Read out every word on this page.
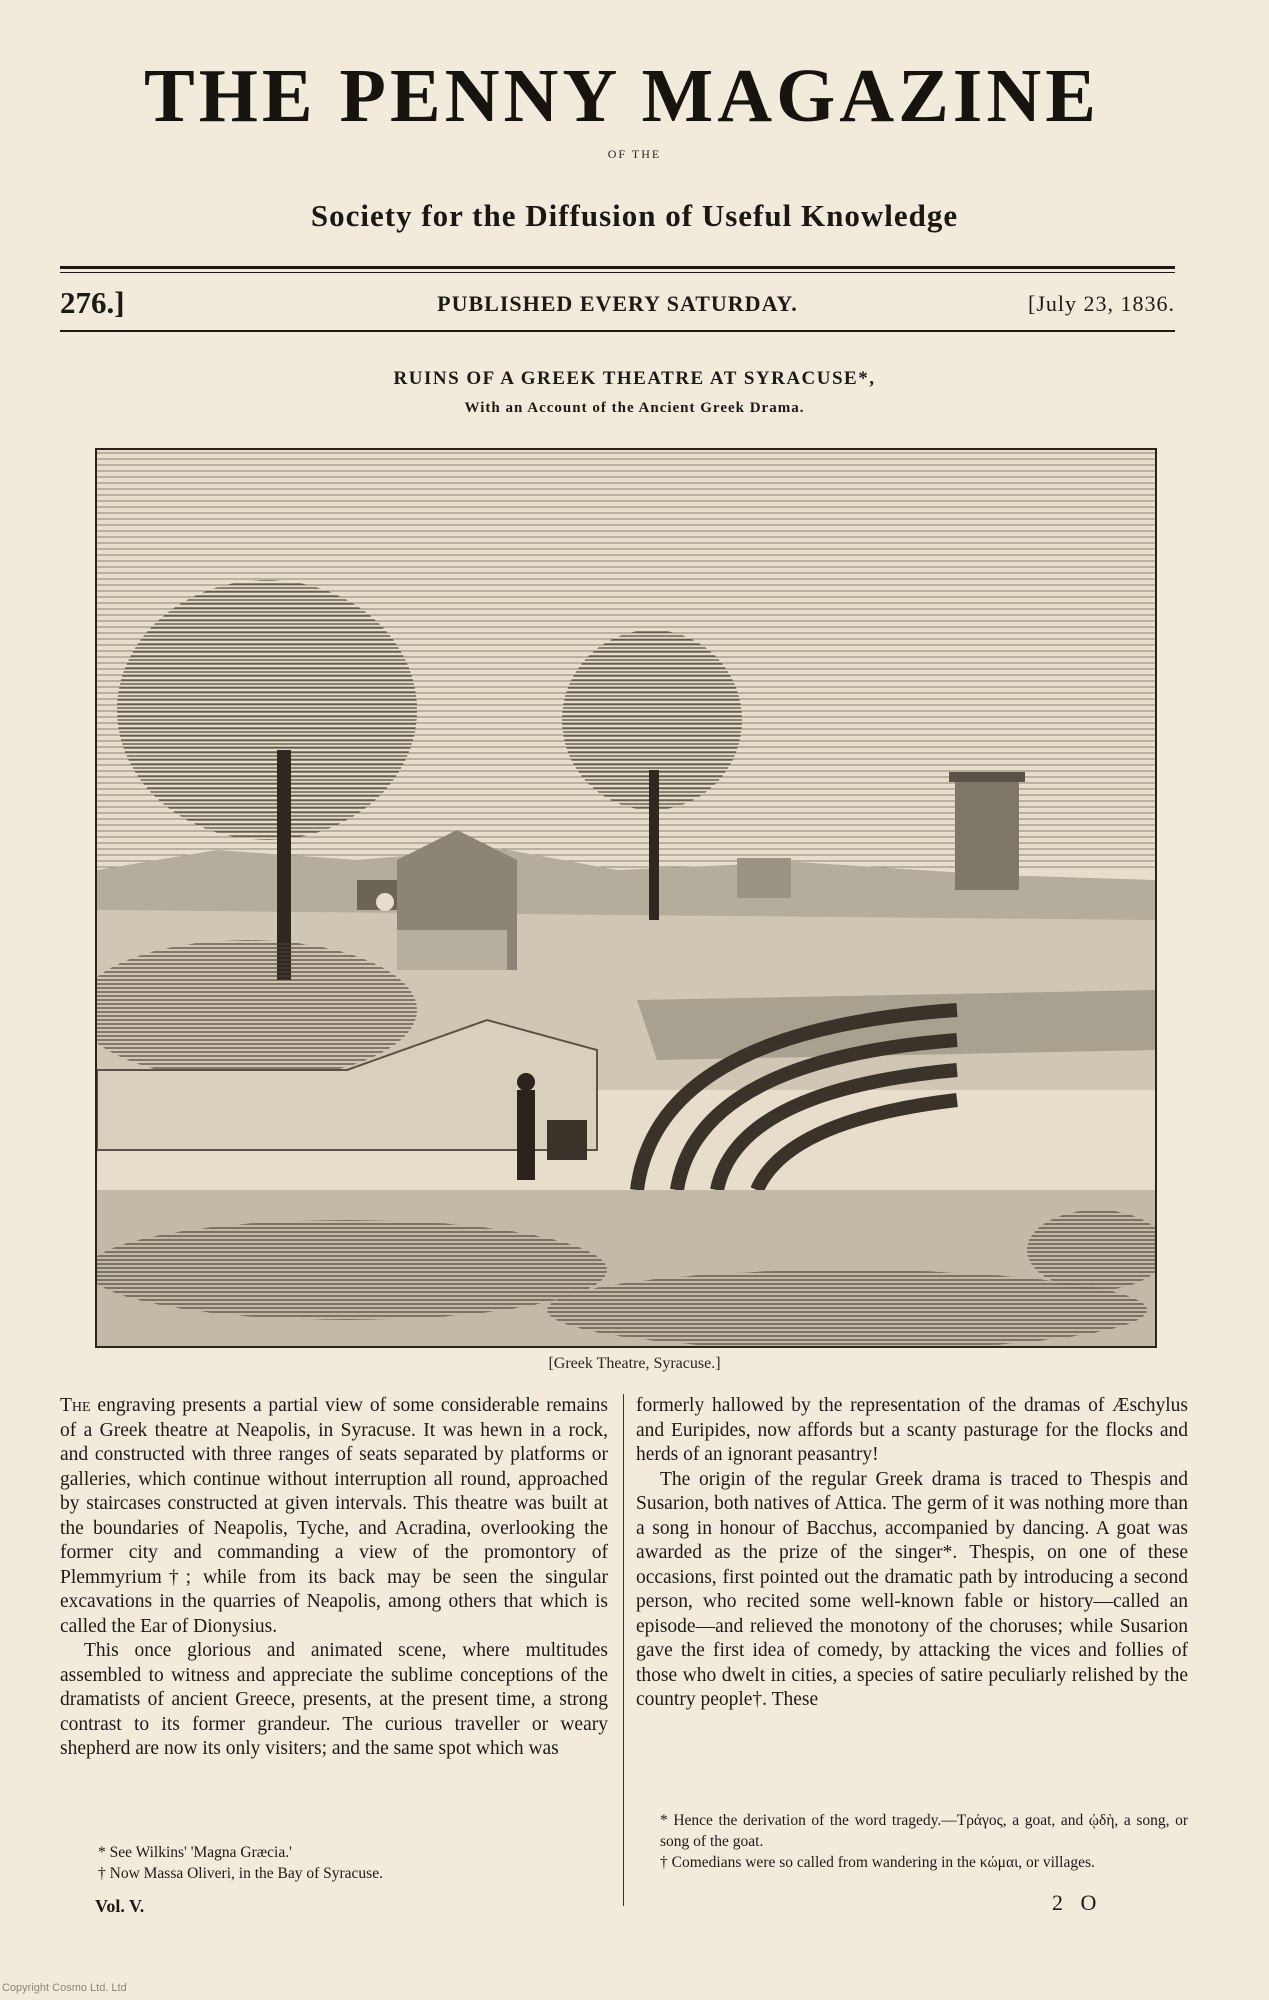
THE PENNY MAGAZINE
OF THE
Society for the Diffusion of Useful Knowledge
276.]	PUBLISHED EVERY SATURDAY.	[July 23, 1836.
RUINS OF A GREEK THEATRE AT SYRACUSE*,
With an Account of the Ancient Greek Drama.
[Greek Theatre, Syracuse.]

The engraving presents a partial view of some considerable remains of a Greek theatre at Neapolis, in Syracuse. It was hewn in a rock, and constructed with three ranges of seats separated by platforms or galleries, which continue without interruption all round, approached by staircases constructed at given intervals. This theatre was built at the boundaries of Neapolis, Tyche, and Acradina, overlooking the former city and commanding a view of the promontory of Plemmyrium†; while from its back may be seen the singular excavations in the quarries of Neapolis, among others that which is called the Ear of Dionysius.

This once glorious and animated scene, where multitudes assembled to witness and appreciate the sublime conceptions of the dramatists of ancient Greece, presents, at the present time, a strong contrast to its former grandeur. The curious traveller or weary shepherd are now its only visiters; and the same spot which was

formerly hallowed by the representation of the dramas of Æschylus and Euripides, now affords but a scanty pasturage for the flocks and herds of an ignorant peasantry!

The origin of the regular Greek drama is traced to Thespis and Susarion, both natives of Attica. The germ of it was nothing more than a song in honour of Bacchus, accompanied by dancing. A goat was awarded as the prize of the singer*. Thespis, on one of these occasions, first pointed out the dramatic path by introducing a second person, who recited some well-known fable or history—called an episode—and relieved the monotony of the choruses; while Susarion gave the first idea of comedy, by attacking the vices and follies of those who dwelt in cities, a species of satire peculiarly relished by the country people†. These

* See Wilkins' 'Magna Græcia.'
† Now Massa Oliveri, in the Bay of Syracuse.
* Hence the derivation of the word tragedy.—Τράγος, a goat, and ᾠδὴ, a song, or song of the goat.
† Comedians were so called from wandering in the κώμαι, or villages.
Vol. V.	2 O
Copyright Cosmo Ltd. Ltd
